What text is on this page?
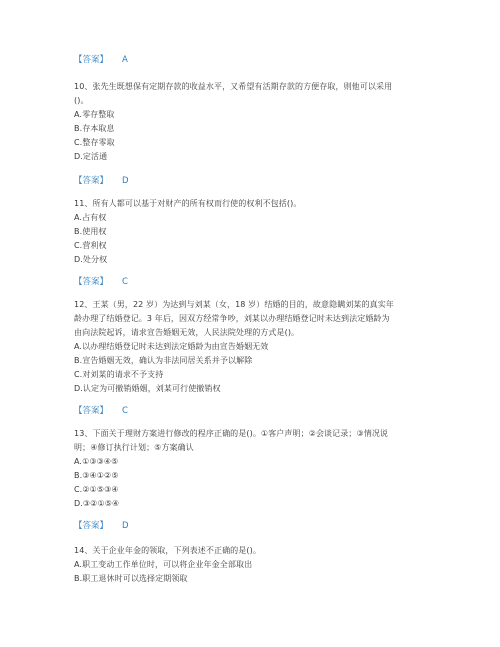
【答案】 A
10、张先生既想保有定期存款的收益水平，又希望有活期存款的方便存取，则他可以采用
()。
A.零存整取
B.存本取息
C.整存零取
D.定活通
【答案】 D
11、所有人都可以基于对财产的所有权而行使的权利不包括()。
A.占有权
B.使用权
C.营利权
D.处分权
【答案】 C
12、王某（男，22 岁）为达到与刘某（女，18 岁）结婚的目的，故意隐瞒刘某的真实年
龄办理了结婚登记。3 年后，因双方经常争吵，刘某以办理结婚登记时未达到法定婚龄为
由向法院起诉，请求宣告婚姻无效，人民法院处理的方式是()。
A.以办理结婚登记时未达到法定婚龄为由宣告婚姻无效
B.宣告婚姻无效，确认为非法同居关系并予以解除
C.对刘某的请求不予支持
D.认定为可撤销婚姻，刘某可行使撤销权
【答案】 C
13、下面关于理财方案进行修改的程序正确的是()。①客户声明；②会谈记录；③情况说
明；④修订执行计划；⑤方案确认
A.①③③④⑤
B.③④①②⑤
C.②①⑤③④
D.③②①⑤④
【答案】 D
14、关于企业年金的领取，下列表述不正确的是()。
A.职工变动工作单位时，可以将企业年金全部取出
B.职工退休时可以选择定期领取
